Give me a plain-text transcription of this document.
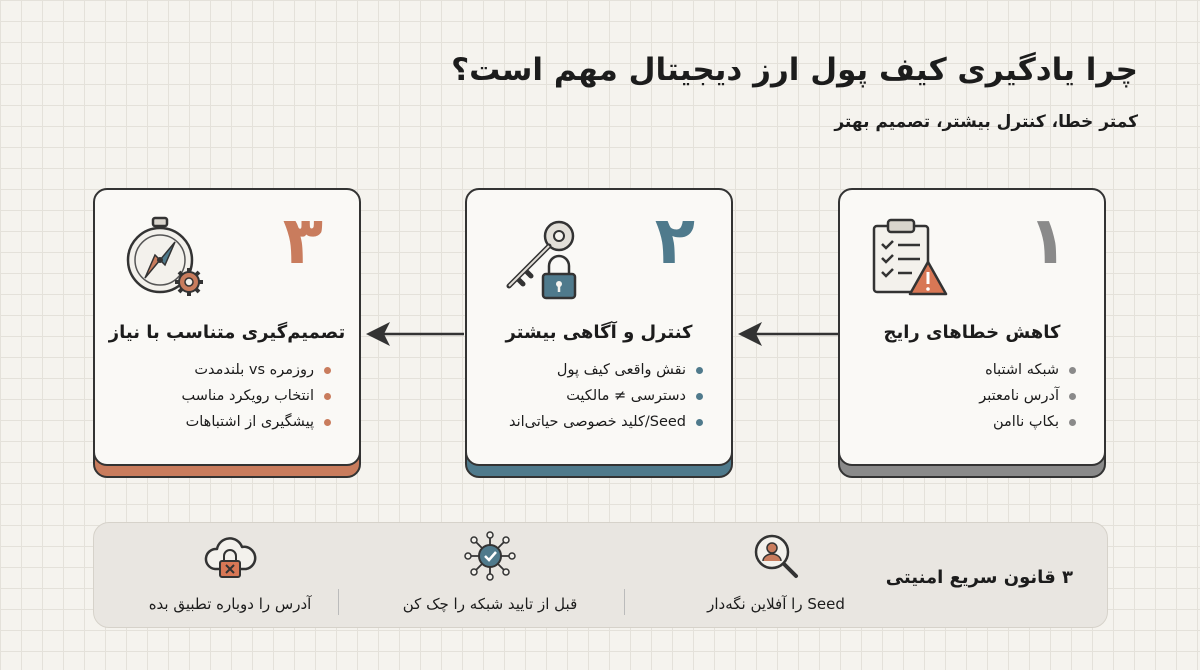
چرا یادگیری کیف پول ارز دیجیتال مهم است؟
کمتر خطا، کنترل بیشتر، تصمیم بهتر
۱
کاهش خطاهای رایج
شبکه اشتباه
آدرس نامعتبر
بکاپ ناامن
۲
کنترل و آگاهی بیشتر
نقش واقعی کیف پول
دسترسی ≠ مالکیت
Seed/کلید خصوصی حیاتی‌اند
۳
تصمیم‌گیری متناسب با نیاز
روزمره vs بلندمدت
انتخاب رویکرد مناسب
پیشگیری از اشتباهات
۳ قانون سریع امنیتی
Seed را آفلاین نگه‌دار
قبل از تایید شبکه را چک کن
آدرس را دوباره تطبیق بده
